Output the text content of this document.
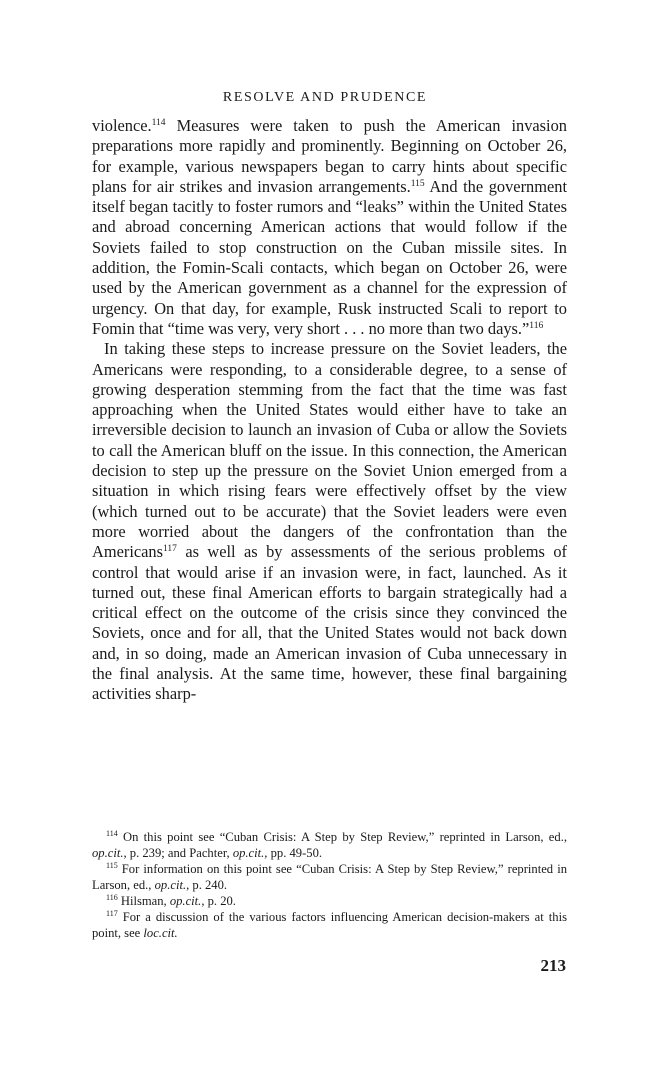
RESOLVE AND PRUDENCE

violence.$^{114}$ Measures were taken to push the American invasion preparations more rapidly and prominently. Beginning on October 26, for example, various newspapers began to carry hints about specific plans for air strikes and invasion arrangements.$^{115}$ And the government itself began tacitly to foster rumors and “leaks” within the United States and abroad concerning American actions that would follow if the Soviets failed to stop construction on the Cuban missile sites. In addition, the Fomin-Scali contacts, which began on October 26, were used by the American government as a channel for the expression of urgency. On that day, for example, Rusk instructed Scali to report to Fomin that “time was very, very short . . . no more than two days.”$^{116}$

In taking these steps to increase pressure on the Soviet leaders, the Americans were responding, to a considerable degree, to a sense of growing desperation stemming from the fact that the time was fast approaching when the United States would either have to take an irreversible decision to launch an invasion of Cuba or allow the Soviets to call the American bluff on the issue. In this connection, the American decision to step up the pressure on the Soviet Union emerged from a situation in which rising fears were effectively offset by the view (which turned out to be accurate) that the Soviet leaders were even more worried about the dangers of the confrontation than the Americans$^{117}$ as well as by assessments of the serious problems of control that would arise if an invasion were, in fact, launched. As it turned out, these final American efforts to bargain strategically had a critical effect on the outcome of the crisis since they convinced the Soviets, once and for all, that the United States would not back down and, in so doing, made an American invasion of Cuba unnecessary in the final analysis. At the same time, however, these final bargaining activities sharp-

$^{114}$ On this point see “Cuban Crisis: A Step by Step Review,” reprinted in Larson, ed., op.cit., p. 239; and Pachter, op.cit., pp. 49-50.

$^{115}$ For information on this point see “Cuban Crisis: A Step by Step Review,” reprinted in Larson, ed., op.cit., p. 240.

$^{116}$ Hilsman, op.cit., p. 20.

$^{117}$ For a discussion of the various factors influencing American decision-makers at this point, see loc.cit.

213
